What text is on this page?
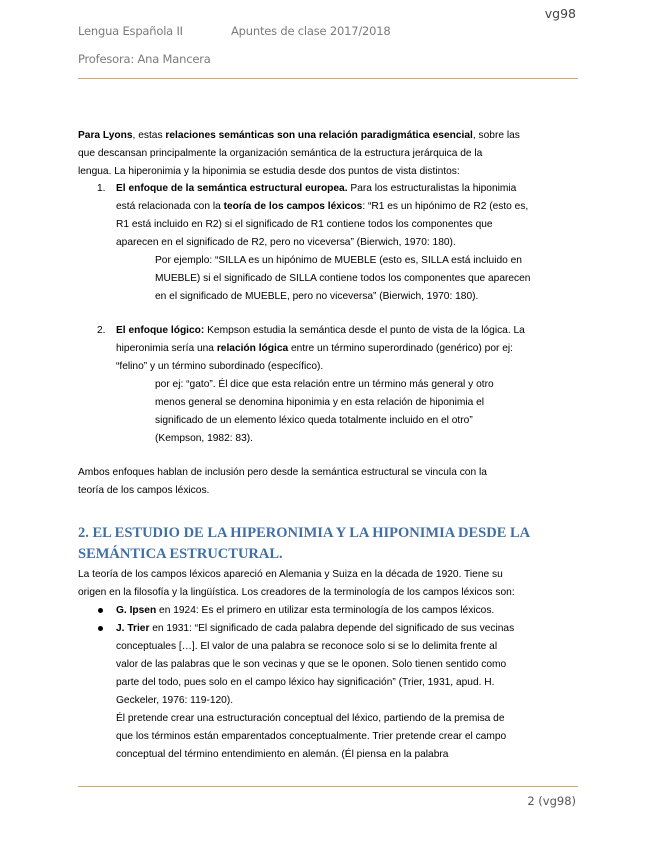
vg98
Lengua Española II	Apuntes de clase 2017/2018
Profesora: Ana Mancera
Para Lyons, estas relaciones semánticas son una relación paradigmática esencial, sobre las
que descansan principalmente la organización semántica de la estructura jerárquica de la
lengua. La hiperonimia y la hiponimia se estudia desde dos puntos de vista distintos:
1. El enfoque de la semántica estructural europea. Para los estructuralistas la hiponimia
está relacionada con la teoría de los campos léxicos: “R1 es un hipónimo de R2 (esto es,
R1 está incluido en R2) si el significado de R1 contiene todos los componentes que
aparecen en el significado de R2, pero no viceversa” (Bierwich, 1970: 180).
Por ejemplo: “SILLA es un hipónimo de MUEBLE (esto es, SILLA está incluido en
MUEBLE) si el significado de SILLA contiene todos los componentes que aparecen
en el significado de MUEBLE, pero no viceversa” (Bierwich, 1970: 180).
2. El enfoque lógico: Kempson estudia la semántica desde el punto de vista de la lógica. La
hiperonimia sería una relación lógica entre un término superordinado (genérico) por ej:
“felino” y un término subordinado (específico).
por ej: “gato”. Él dice que esta relación entre un término más general y otro
menos general se denomina hiponimia y en esta relación de hiponimia el
significado de un elemento léxico queda totalmente incluido en el otro”
(Kempson, 1982: 83).
Ambos enfoques hablan de inclusión pero desde la semántica estructural se vincula con la
teoría de los campos léxicos.
2. EL ESTUDIO DE LA HIPERONIMIA Y LA HIPONIMIA DESDE LA
SEMÁNTICA ESTRUCTURAL.
La teoría de los campos léxicos apareció en Alemania y Suiza en la década de 1920. Tiene su
origen en la filosofía y la lingüística. Los creadores de la terminología de los campos léxicos son:
G. Ipsen en 1924: Es el primero en utilizar esta terminología de los campos léxicos.
J. Trier en 1931: “El significado de cada palabra depende del significado de sus vecinas
conceptuales […]. El valor de una palabra se reconoce solo si se lo delimita frente al
valor de las palabras que le son vecinas y que se le oponen. Solo tienen sentido como
parte del todo, pues solo en el campo léxico hay significación” (Trier, 1931, apud. H.
Geckeler, 1976: 119-120).
Él pretende crear una estructuración conceptual del léxico, partiendo de la premisa de
que los términos están emparentados conceptualmente. Trier pretende crear el campo
conceptual del término entendimiento en alemán. (Él piensa en la palabra
2 (vg98)
